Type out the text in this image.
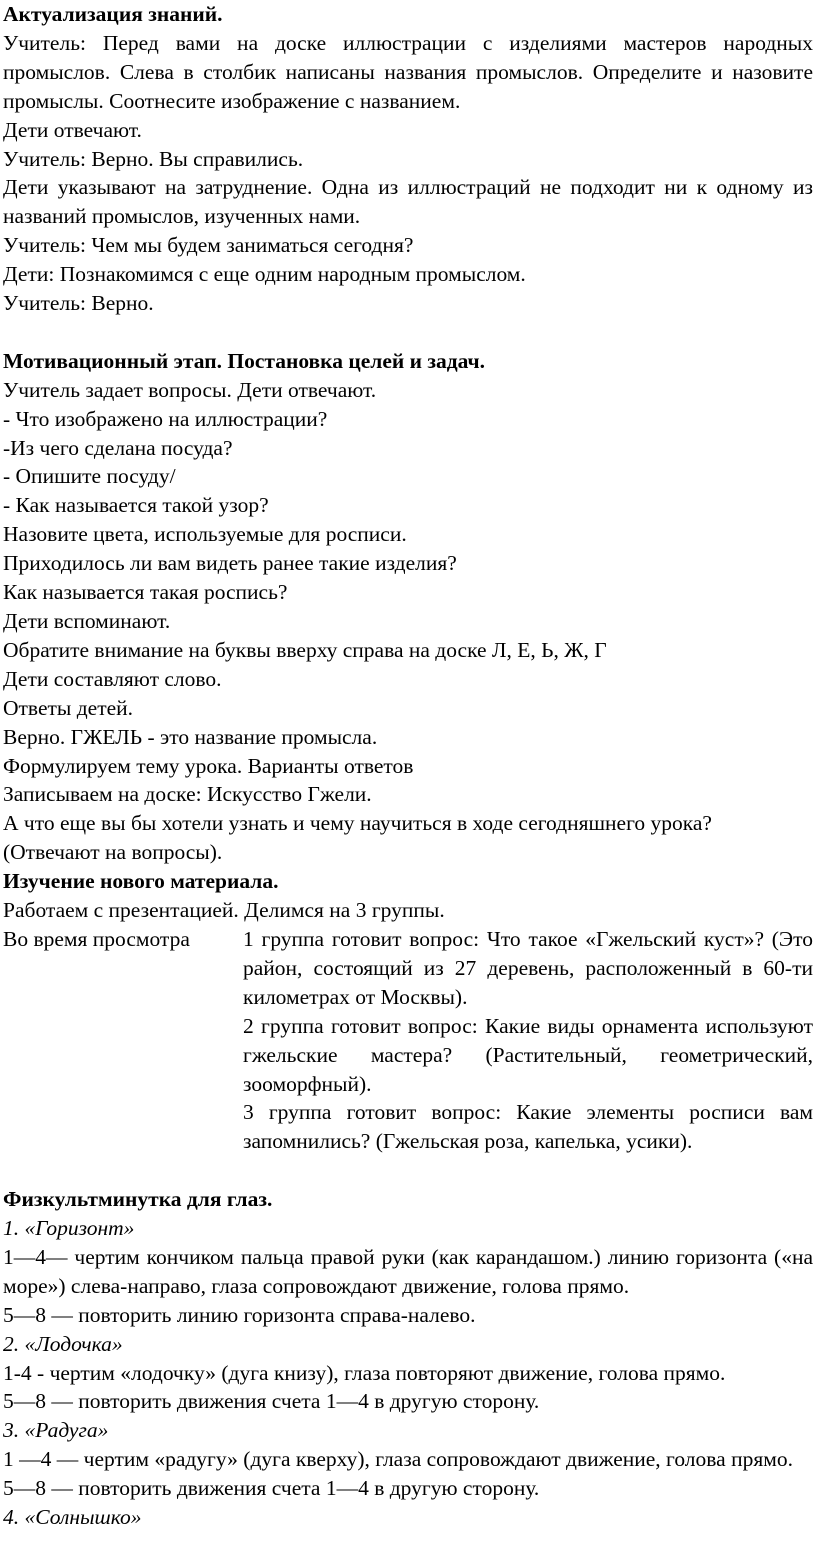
Актуализация знаний.

Учитель: Перед вами на доске иллюстрации с изделиями мастеров народных промыслов. Слева в столбик написаны названия промыслов. Определите и назовите промыслы. Соотнесите изображение с названием.

Дети отвечают.

Учитель: Верно. Вы справились.

Дети указывают на затруднение. Одна из иллюстраций не подходит ни к одному из названий промыслов, изученных нами.

Учитель: Чем мы будем заниматься сегодня?

Дети: Познакомимся с еще одним народным промыслом.

Учитель: Верно.

Мотивационный этап. Постановка целей и задач.

Учитель задает вопросы. Дети отвечают.

- Что изображено на иллюстрации?

-Из чего сделана посуда?

- Опишите посуду/

- Как называется такой узор?

Назовите цвета, используемые для росписи.

Приходилось ли вам видеть ранее такие изделия?

Как называется такая роспись?

Дети вспоминают.

Обратите внимание на буквы вверху справа на доске Л, Е, Ь, Ж, Г

Дети составляют слово.

Ответы детей.

Верно. ГЖЕЛЬ - это название промысла.

Формулируем тему урока. Варианты ответов

Записываем на доске: Искусство Гжели.

А что еще вы бы хотели узнать и чему научиться в ходе сегодняшнего урока? (Отвечают на вопросы).

Изучение нового материала.

Работаем с презентацией. Делимся на 3 группы.

Во время просмотра	1 группа готовит вопрос: Что такое «Гжельский куст»? (Это район, состоящий из 27 деревень, расположенный в 60-ти километрах от Москвы).

2 группа готовит вопрос: Какие виды орнамента используют гжельские мастера? (Растительный, геометрический, зооморфный).

3 группа готовит вопрос: Какие элементы росписи вам запомнились? (Гжельская роза, капелька, усики).

Физкультминутка для глаз.

1. «Горизонт»

1—4— чертим кончиком пальца правой руки (как карандашом.) линию горизонта («на море») слева-направо, глаза сопровождают движение, голова прямо.

5—8 — повторить линию горизонта справа-налево.

2. «Лодочка»

1-4 - чертим «лодочку» (дуга книзу), глаза повторяют движение, голова прямо.

5—8 — повторить движения счета 1—4 в другую сторону.

3. «Радуга»

1 —4 — чертим «радугу» (дуга кверху), глаза сопровождают движение, голова прямо.

5—8 — повторить движения счета 1—4 в другую сторону.

4. «Солнышко»
